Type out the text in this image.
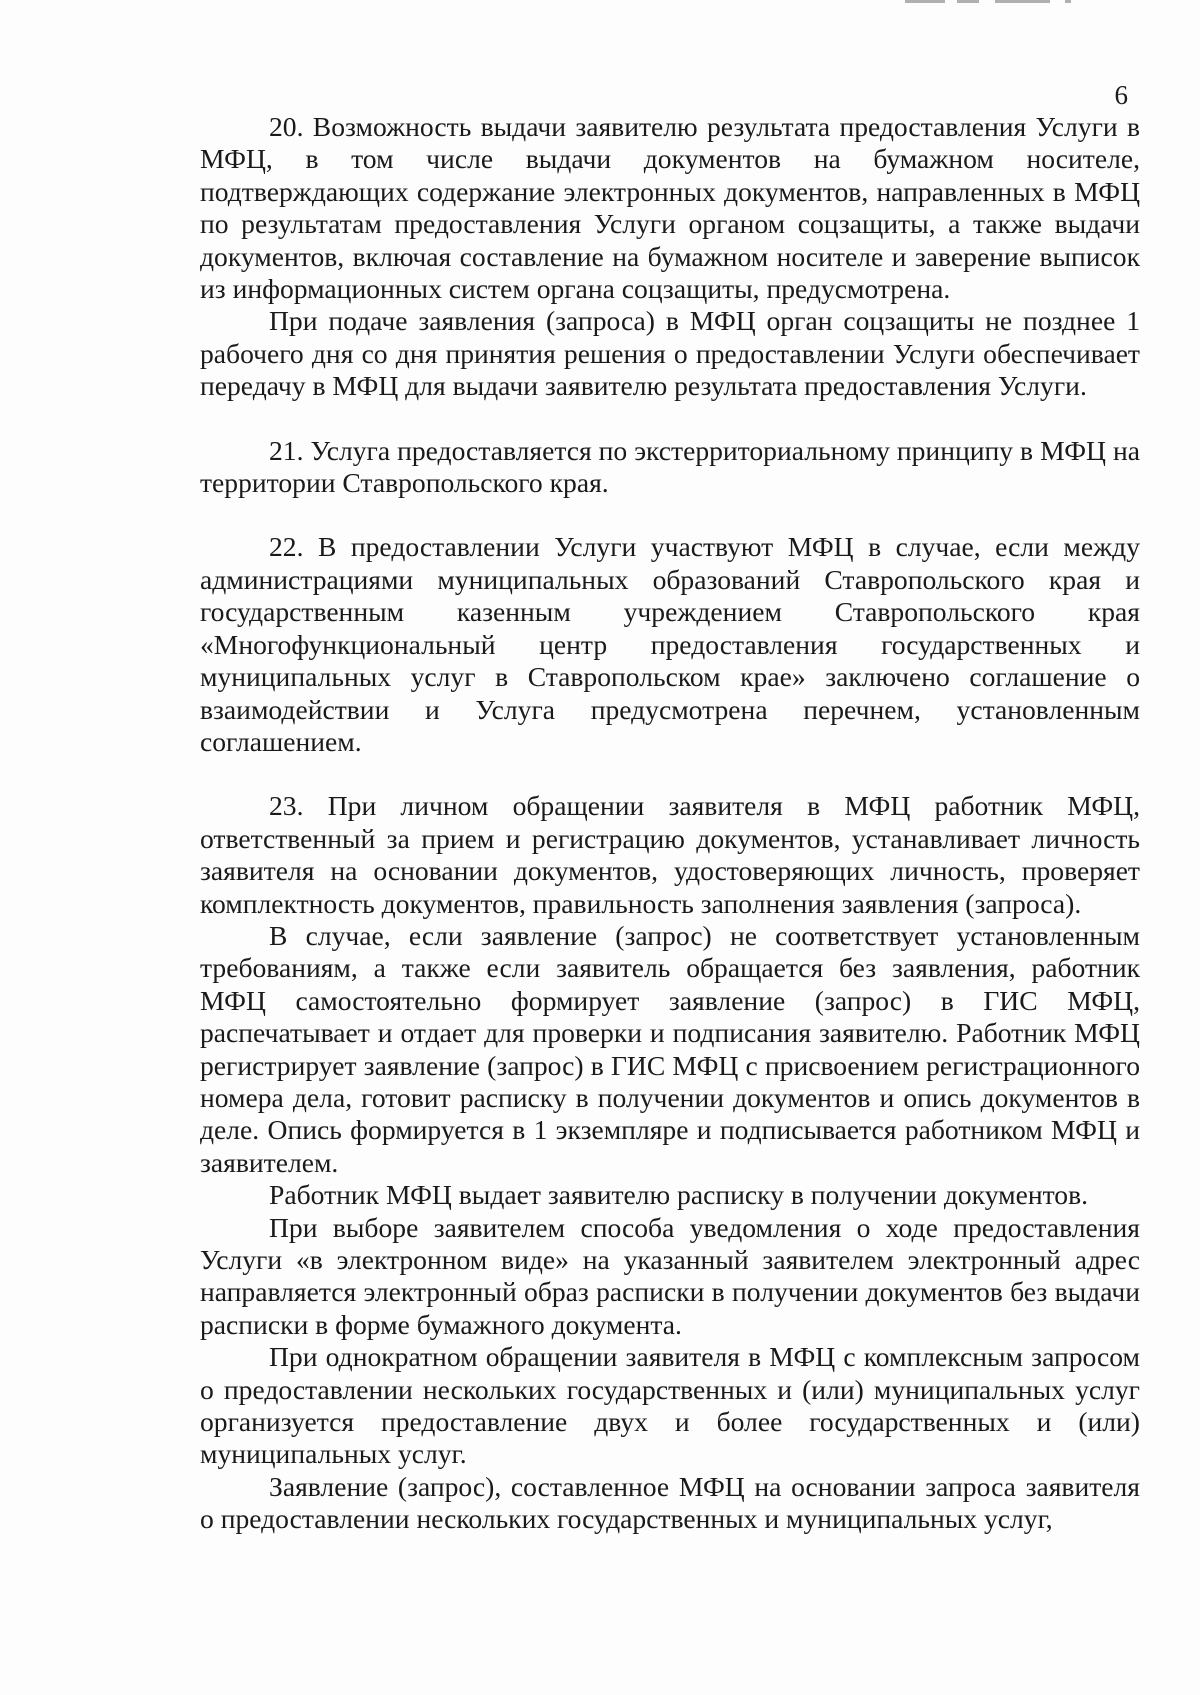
6

20. Возможность выдачи заявителю результата предоставления Услуги в МФЦ, в том числе выдачи документов на бумажном носителе, подтверждающих содержание электронных документов, направленных в МФЦ по результатам предоставления Услуги органом соцзащиты, а также выдачи документов, включая составление на бумажном носителе и заверение выписок из информационных систем органа соцзащиты, предусмотрена.

При подаче заявления (запроса) в МФЦ орган соцзащиты не позднее 1 рабочего дня со дня принятия решения о предоставлении Услуги обеспечивает передачу в МФЦ для выдачи заявителю результата предоставления Услуги.

21. Услуга предоставляется по экстерриториальному принципу в МФЦ на территории Ставропольского края.

22. В предоставлении Услуги участвуют МФЦ в случае, если между администрациями муниципальных образований Ставропольского края и государственным казенным учреждением Ставропольского края «Многофункциональный центр предоставления государственных и муниципальных услуг в Ставропольском крае» заключено соглашение о взаимодействии и Услуга предусмотрена перечнем, установленным соглашением.

23. При личном обращении заявителя в МФЦ работник МФЦ, ответственный за прием и регистрацию документов, устанавливает личность заявителя на основании документов, удостоверяющих личность, проверяет комплектность документов, правильность заполнения заявления (запроса).

В случае, если заявление (запрос) не соответствует установленным требованиям, а также если заявитель обращается без заявления, работник МФЦ самостоятельно формирует заявление (запрос) в ГИС МФЦ, распечатывает и отдает для проверки и подписания заявителю. Работник МФЦ регистрирует заявление (запрос) в ГИС МФЦ с присвоением регистрационного номера дела, готовит расписку в получении документов и опись документов в деле. Опись формируется в 1 экземпляре и подписывается работником МФЦ и заявителем.

Работник МФЦ выдает заявителю расписку в получении документов.

При выборе заявителем способа уведомления о ходе предоставления Услуги «в электронном виде» на указанный заявителем электронный адрес направляется электронный образ расписки в получении документов без выдачи расписки в форме бумажного документа.

При однократном обращении заявителя в МФЦ с комплексным запросом о предоставлении нескольких государственных и (или) муниципальных услуг организуется предоставление двух и более государственных и (или) муниципальных услуг.

Заявление (запрос), составленное МФЦ на основании запроса заявителя о предоставлении нескольких государственных и муниципальных услуг,
